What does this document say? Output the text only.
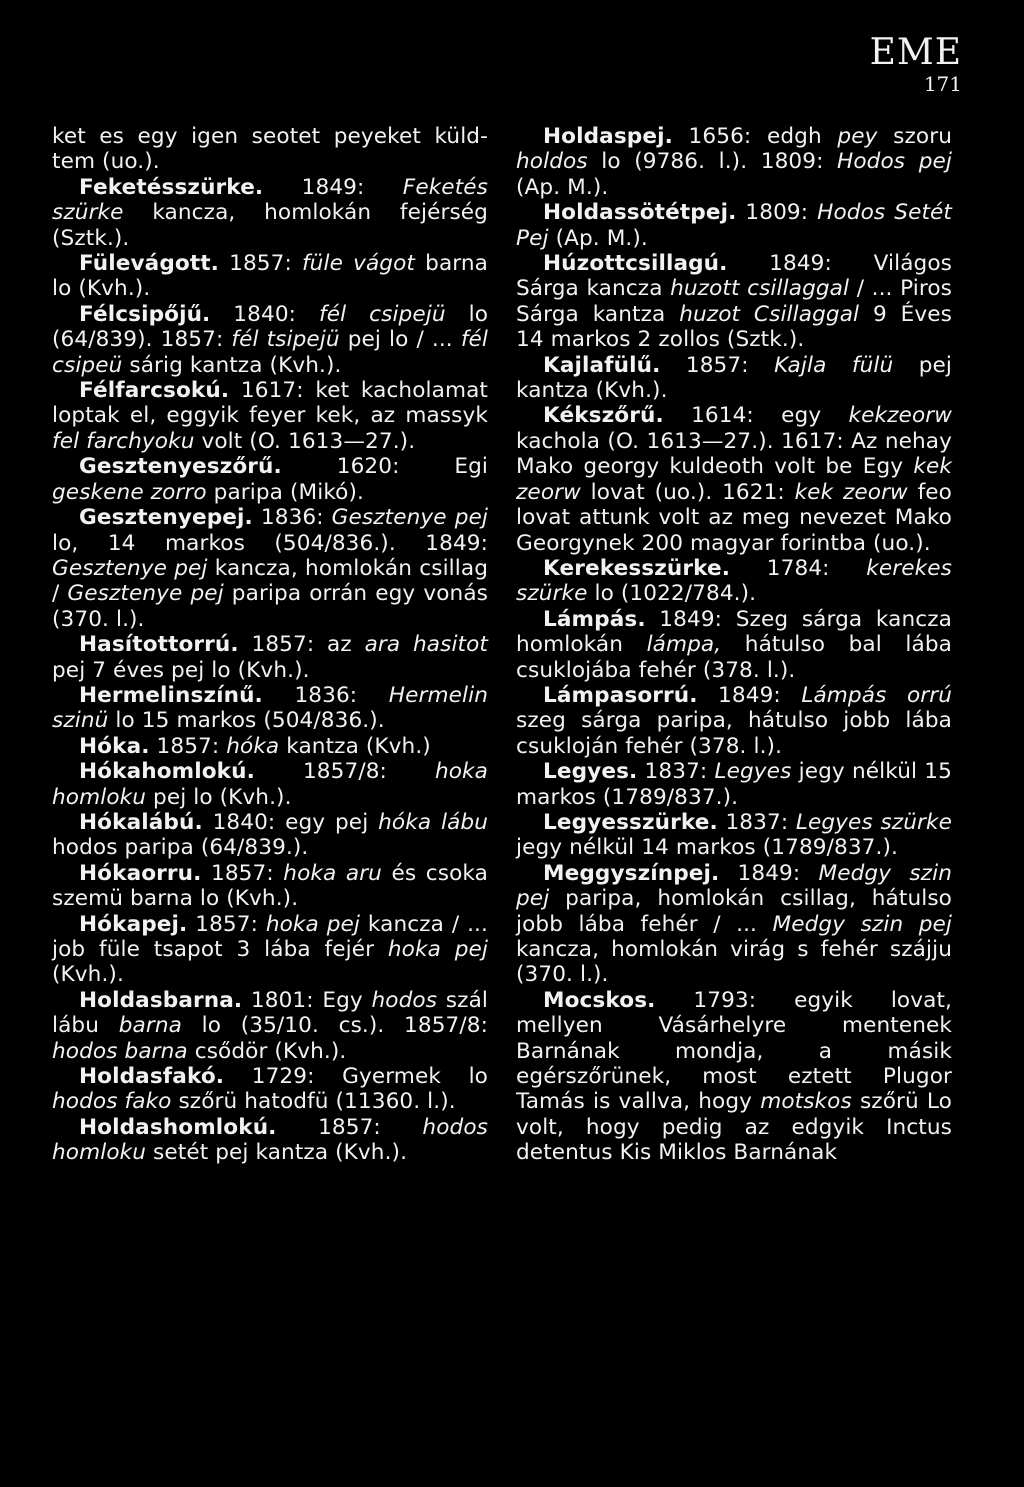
EME
171

ket es egy igen seotet peyeket küld-tem (uo.).

Feketésszürke. 1849: Feketés szürke kancza, homlokán fejérség (Sztk.).

Fülevágott. 1857: füle vágot barna lo (Kvh.).

Félcsipőjű. 1840: fél csipejü lo (64/839). 1857: fél tsipejü pej lo / ... fél csipeü sárig kantza (Kvh.).

Félfarcsokú. 1617: ket kacholamat loptak el, eggyik feyer kek, az massyk fel farchyoku volt (O. 1613—27.).

Gesztenyeszőrű. 1620: Egi geskene zorro paripa (Mikó).

Gesztenyepej. 1836: Gesztenye pej lo, 14 markos (504/836.). 1849: Gesztenye pej kancza, homlokán csillag / Gesztenye pej paripa orrán egy vonás (370. l.).

Hasítottorrú. 1857: az ara hasitot pej 7 éves pej lo (Kvh.).

Hermelinszínű. 1836: Hermelin szinü lo 15 markos (504/836.).

Hóka. 1857: hóka kantza (Kvh.)

Hókahomlokú. 1857/8: hoka homloku pej lo (Kvh.).

Hókalábú. 1840: egy pej hóka lábu hodos paripa (64/839.).

Hókaorru. 1857: hoka aru és csoka szemü barna lo (Kvh.).

Hókapej. 1857: hoka pej kancza / ... job füle tsapot 3 lába fejér hoka pej (Kvh.).

Holdasbarna. 1801: Egy hodos szál lábu barna lo (35/10. cs.). 1857/8: hodos barna csődör (Kvh.).

Holdasfakó. 1729: Gyermek lo hodos fako szőrü hatodfü (11360. l.).

Holdashomlokú. 1857: hodos homloku setét pej kantza (Kvh.).

Holdaspej. 1656: edgh pey szoru holdos lo (9786. l.). 1809: Hodos pej (Ap. M.).

Holdassötétpej. 1809: Hodos Setét Pej (Ap. M.).

Húzottcsillagú. 1849: Világos Sárga kancza huzott csillaggal / ... Piros Sárga kantza huzot Csillaggal 9 Éves 14 markos 2 zollos (Sztk.).

Kajlafülű. 1857: Kajla fülü pej kantza (Kvh.).

Kékszőrű. 1614: egy kekzeorw kachola (O. 1613—27.). 1617: Az nehay Mako georgy kuldeoth volt be Egy kek zeorw lovat (uo.). 1621: kek zeorw feo lovat attunk volt az meg nevezet Mako Georgynek 200 magyar forintba (uo.).

Kerekesszürke. 1784: kerekes szürke lo (1022/784.).

Lámpás. 1849: Szeg sárga kancza homlokán lámpa, hátulso bal lába csuklojába fehér (378. l.).

Lámpasorrú. 1849: Lámpás orrú szeg sárga paripa, hátulso jobb lába csukloján fehér (378. l.).

Legyes. 1837: Legyes jegy nélkül 15 markos (1789/837.).

Legyesszürke. 1837: Legyes szürke jegy nélkül 14 markos (1789/837.).

Meggyszínpej. 1849: Medgy szin pej paripa, homlokán csillag, hátulso jobb lába fehér / ... Medgy szin pej kancza, homlokán virág s fehér szájju (370. l.).

Mocskos. 1793: egyik lovat, mellyen Vásárhelyre mentenek Barnának mondja, a másik egérszőrünek, most eztett Plugor Tamás is vallva, hogy motskos szőrü Lo volt, hogy pedig az edgyik Inctus detentus Kis Miklos Barnának
